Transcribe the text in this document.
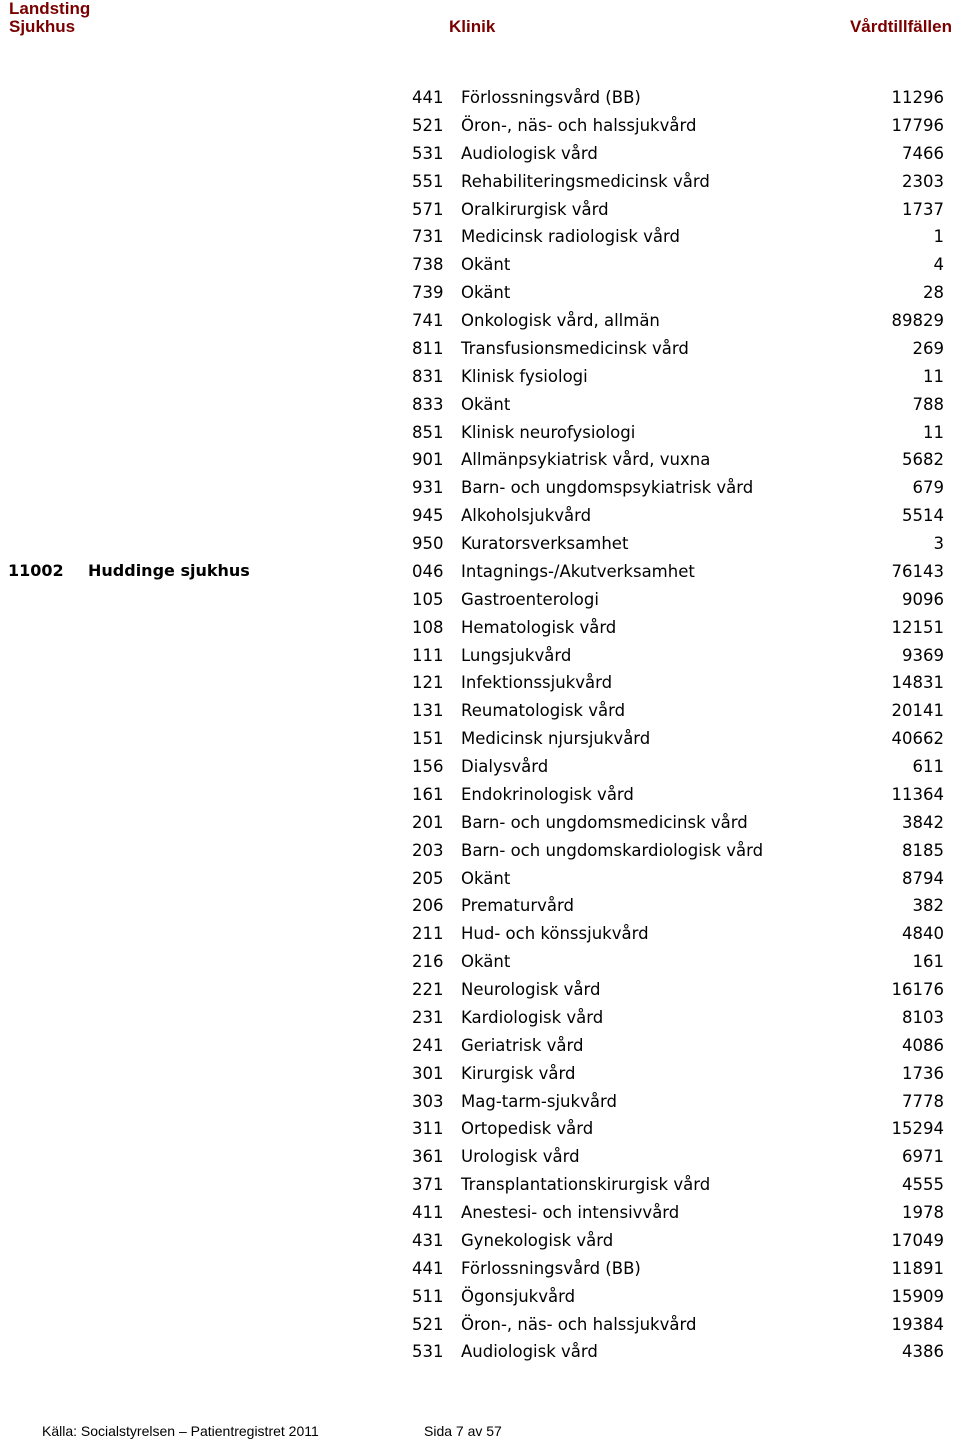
Landsting
Sjukhus	Klinik	Vårdtillfällen
11002 Huddinge sjukhus
441 Förlossningsvård (BB)	11296
521 Öron-, näs- och halssjukvård	17796
531 Audiologisk vård	7466
551 Rehabiliteringsmedicinsk vård	2303
571 Oralkirurgisk vård	1737
731 Medicinsk radiologisk vård	1
738 Okänt	4
739 Okänt	28
741 Onkologisk vård, allmän	89829
811 Transfusionsmedicinsk vård	269
831 Klinisk fysiologi	11
833 Okänt	788
851 Klinisk neurofysiologi	11
901 Allmänpsykiatrisk vård, vuxna	5682
931 Barn- och ungdomspsykiatrisk vård	679
945 Alkoholsjukvård	5514
950 Kuratorsverksamhet	3
046 Intagnings-/Akutverksamhet	76143
105 Gastroenterologi	9096
108 Hematologisk vård	12151
111 Lungsjukvård	9369
121 Infektionssjukvård	14831
131 Reumatologisk vård	20141
151 Medicinsk njursjukvård	40662
156 Dialysvård	611
161 Endokrinologisk vård	11364
201 Barn- och ungdomsmedicinsk vård	3842
203 Barn- och ungdomskardiologisk vård	8185
205 Okänt	8794
206 Prematurvård	382
211 Hud- och könssjukvård	4840
216 Okänt	161
221 Neurologisk vård	16176
231 Kardiologisk vård	8103
241 Geriatrisk vård	4086
301 Kirurgisk vård	1736
303 Mag-tarm-sjukvård	7778
311 Ortopedisk vård	15294
361 Urologisk vård	6971
371 Transplantationskirurgisk vård	4555
411 Anestesi- och intensivvård	1978
431 Gynekologisk vård	17049
441 Förlossningsvård (BB)	11891
511 Ögonsjukvård	15909
521 Öron-, näs- och halssjukvård	19384
531 Audiologisk vård	4386
Källa: Socialstyrelsen – Patientregistret 2011	Sida 7 av 57
